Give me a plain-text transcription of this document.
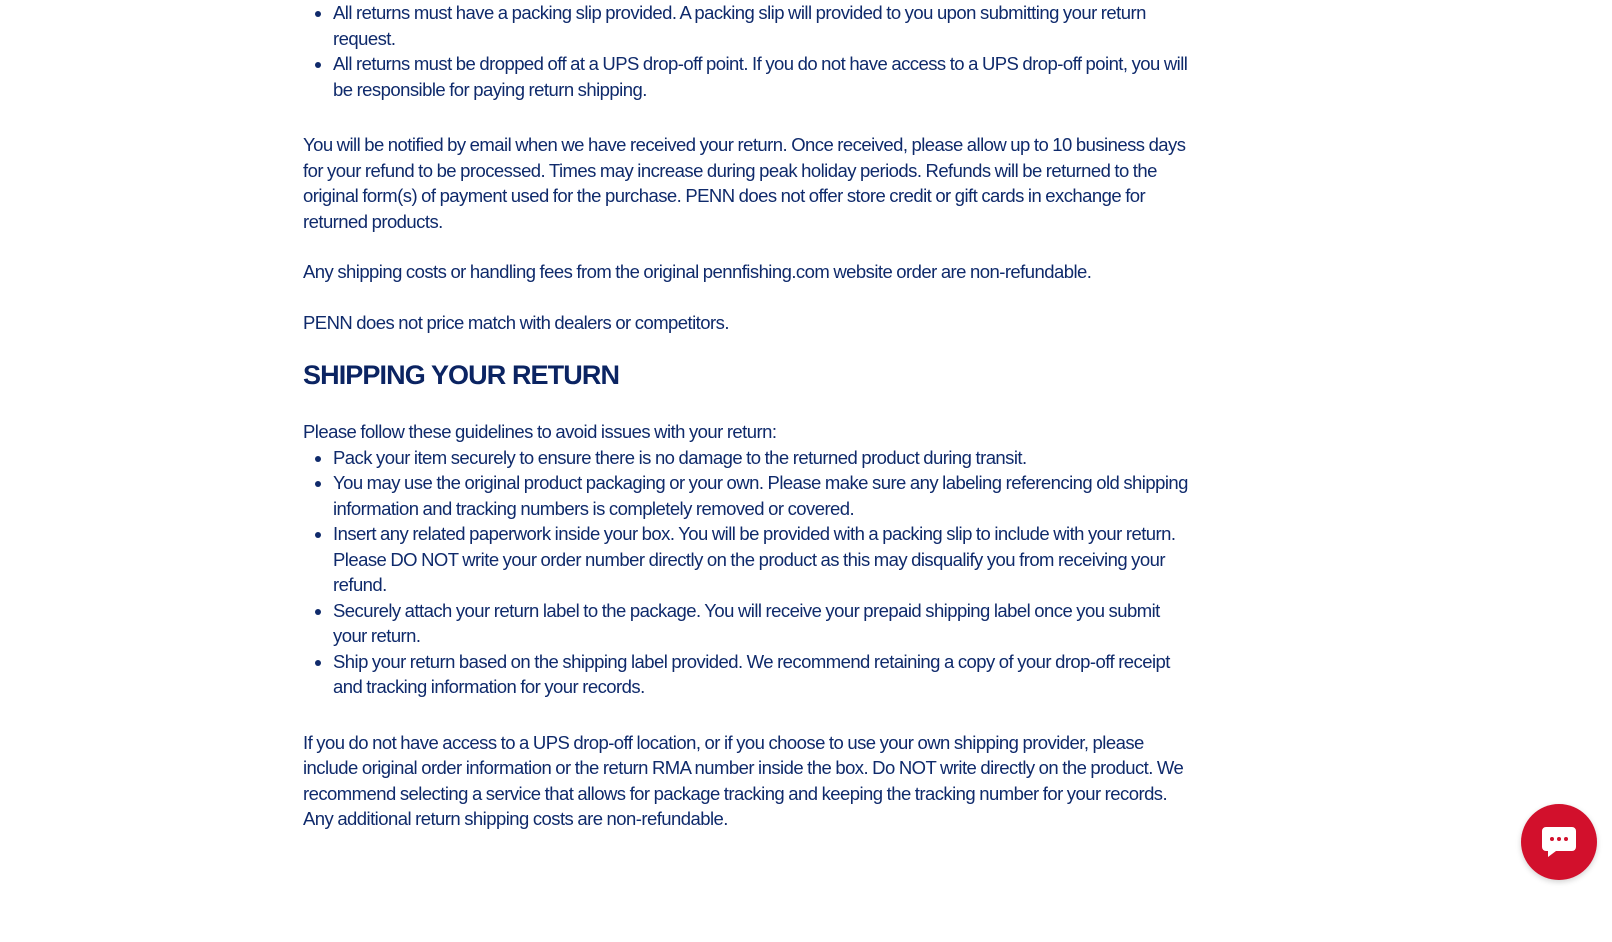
• All returns must have a packing slip provided. A packing slip will provided to you upon submitting your return request.
• All returns must be dropped off at a UPS drop-off point. If you do not have access to a UPS drop-off point, you will be responsible for paying return shipping.

You will be notified by email when we have received your return. Once received, please allow up to 10 business days for your refund to be processed. Times may increase during peak holiday periods. Refunds will be returned to the original form(s) of payment used for the purchase. PENN does not offer store credit or gift cards in exchange for returned products.

Any shipping costs or handling fees from the original pennfishing.com website order are non-refundable.

PENN does not price match with dealers or competitors.

SHIPPING YOUR RETURN

Please follow these guidelines to avoid issues with your return:

• Pack your item securely to ensure there is no damage to the returned product during transit.
• You may use the original product packaging or your own. Please make sure any labeling referencing old shipping information and tracking numbers is completely removed or covered.
• Insert any related paperwork inside your box. You will be provided with a packing slip to include with your return. Please DO NOT write your order number directly on the product as this may disqualify you from receiving your refund.
• Securely attach your return label to the package. You will receive your prepaid shipping label once you submit your return.
• Ship your return based on the shipping label provided. We recommend retaining a copy of your drop-off receipt and tracking information for your records.

If you do not have access to a UPS drop-off location, or if you choose to use your own shipping provider, please include original order information or the return RMA number inside the box. Do NOT write directly on the product. We recommend selecting a service that allows for package tracking and keeping the tracking number for your records. Any additional return shipping costs are non-refundable.
